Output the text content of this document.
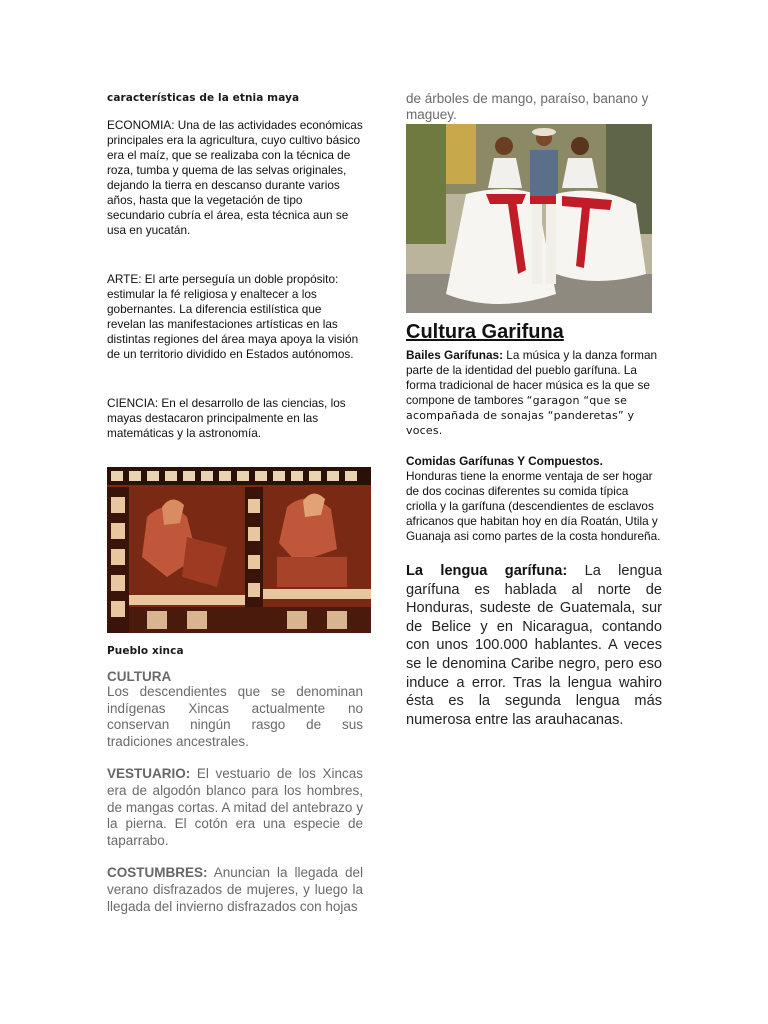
características de la etnia maya

ECONOMIA: Una de las actividades económicas principales era la agricultura, cuyo cultivo básico era el maíz, que se realizaba con la técnica de roza, tumba y quema de las selvas originales, dejando la tierra en descanso durante varios años, hasta que la vegetación de tipo secundario cubría el área, esta técnica aun se usa en yucatán.

ARTE: El arte perseguía un doble propósito: estimular la fé religiosa y enaltecer a los gobernantes. La diferencia estilística que revelan las manifestaciones artísticas en las distintas regiones del área maya apoya la visión de un territorio dividido en Estados autónomos.

CIENCIA: En el desarrollo de las ciencias, los mayas destacaron principalmente en las matemáticas y la astronomía.

Pueblo xinca

CULTURA

Los descendientes que se denominan indígenas Xincas actualmente no conservan ningún rasgo de sus tradiciones ancestrales.

VESTUARIO: El vestuario de los Xincas era de algodón blanco para los hombres, de mangas cortas. A mitad del antebrazo y la pierna. El cotón era una especie de taparrabo.

COSTUMBRES: Anuncian la llegada del verano disfrazados de mujeres, y luego la llegada del invierno disfrazados con hojas

de árboles de mango, paraíso, banano y maguey.

Cultura Garifuna

Bailes Garífunas: La música y la danza forman parte de la identidad del pueblo garífuna. La forma tradicional de hacer música es la que se compone de tambores “garagon “que se acompañada de sonajas “panderetas” y voces.

Comidas Garífunas Y Compuestos.

Honduras tiene la enorme ventaja de ser hogar de dos cocinas diferentes su comida típica criolla y la garífuna (descendientes de esclavos africanos que habitan hoy en día Roatán, Utila y Guanaja asi como partes de la costa hondureña.

La lengua garífuna: La lengua garífuna es hablada al norte de Honduras, sudeste de Guatemala, sur de Belice y en Nicaragua, contando con unos 100.000 hablantes. A veces se le denomina Caribe negro, pero eso induce a error. Tras la lengua wahiro ésta es la segunda lengua más numerosa entre las arauhacanas.
